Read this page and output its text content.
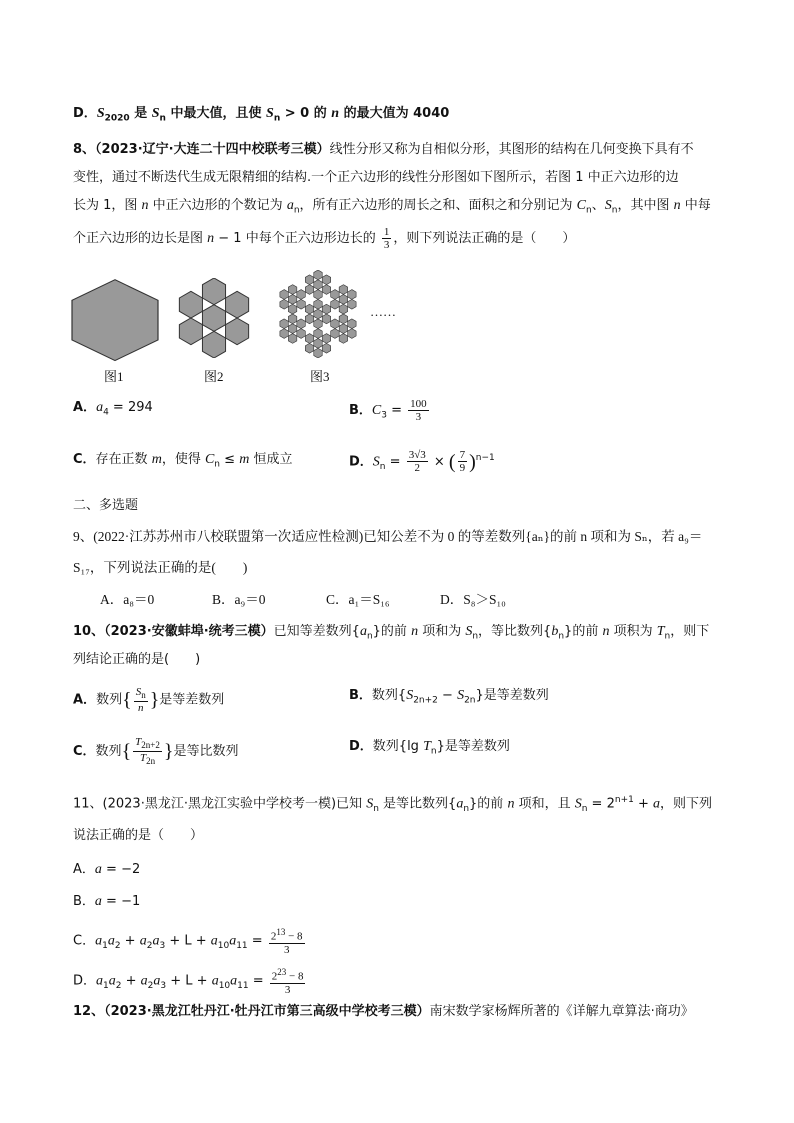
D．$S_{2020}$ 是 $S_n$ 中最大值，且使 $S_n > 0$ 的 n 的最大值为 4040
8、（2023·辽宁·大连二十四中校联考三模）线性分形又称为自相似分形，其图形的结构在几何变换下具有不
变性，通过不断迭代生成无限精细的结构.一个正六边形的线性分形图如下图所示，若图 1 中正六边形的边
长为 1，图 n 中正六边形的个数记为 $a_n$，所有正六边形的周长之和、面积之和分别记为 $C_n$、$S_n$，其中图 n 中每
个正六边形的边长是图 n − 1 中每个正六边形边长的 $\frac{1}{3}$ ，则下列说法正确的是（　　）
……
图1	图2	图3
A．$a_4 = 294$	B．$C_3 = \frac{100}{3}$
C．存在正数 m，使得 $C_n \le m$ 恒成立	D．$S_n = \frac{3√3}{2}$ × ( $\frac{7}{9} )^{n-1}$
二、多选题
9、(2022·江苏苏州市八校联盟第一次适应性检测)已知公差不为 0 的等差数列{aₙ}的前 n 项和为 Sₙ，若 a₉＝
S₁₇，下列说法正确的是(　　)
A．a₈＝0	B．a₉＝0	C．a₁＝S₁₆	D．S₈＞S₁₀
10、（2023·安徽蚌埠·统考三模）已知等差数列$\{a_n\}$的前 n 项和为 $S_n$，等比数列$\{b_n\}$的前 n 项积为 $T_n$，则下
列结论正确的是(　　)
A．数列{ $\frac{S_n}{n}$ }是等差数列	B．数列$\{S_{2n+2} - S_{2n}\}$是等差数列
C．数列{ $\frac{T_{2n+2}}{T_{2n}}$ }是等比数列	D．数列{lg $T_n$}是等差数列
11、(2023·黑龙江·黑龙江实验中学校考一模)已知 $S_n$ 是等比数列$\{a_n\}$的前 n 项和，且 $S_n = 2^{n+1} + a$，则下列
说法正确的是（　　）
A．a = −2
B．a = −1
C．$a_1a_2 + a_2a_3 + L + a_{10}a_{11} = \frac{2^{13} - 8}{3}$
D．$a_1a_2 + a_2a_3 + L + a_{10}a_{11} = \frac{2^{23} - 8}{3}$
12、（2023·黑龙江牡丹江·牡丹江市第三高级中学校考三模）南宋数学家杨辉所著的《详解九章算法·商功》
